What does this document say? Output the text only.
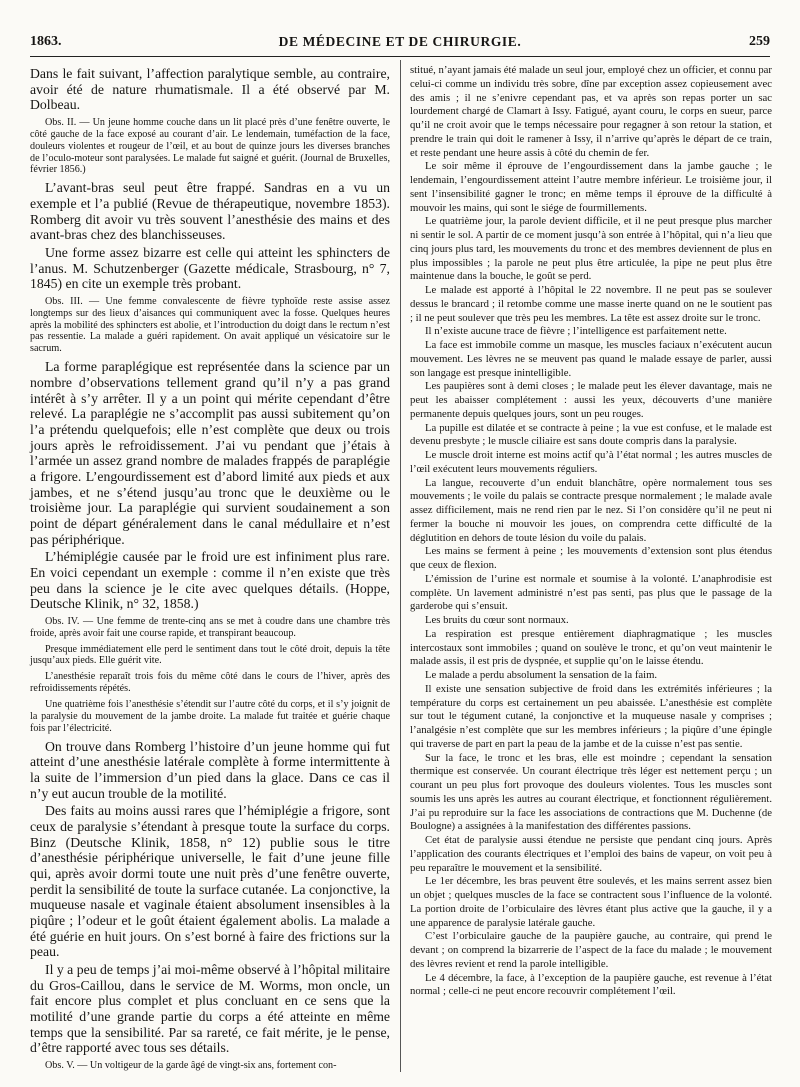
1863.	DE MÉDECINE ET DE CHIRURGIE.	259

Dans le fait suivant, l’affection paralytique semble, au contraire, avoir été de nature rhumatismale. Il a été observé par M. Dolbeau.

Obs. II. — Un jeune homme couche dans un lit placé près d’une fenêtre ouverte, le côté gauche de la face exposé au courant d’air. Le lendemain, tuméfaction de la face, douleurs violentes et rougeur de l’œil, et au bout de quinze jours les diverses branches de l’oculo-moteur sont paralysées. Le malade fut saigné et guérit. (Journal de Bruxelles, février 1856.)

L’avant-bras seul peut être frappé. Sandras en a vu un exemple et l’a publié (Revue de thérapeutique, novembre 1853). Romberg dit avoir vu très souvent l’anesthésie des mains et des avant-bras chez des blanchisseuses.

Une forme assez bizarre est celle qui atteint les sphincters de l’anus. M. Schutzenberger (Gazette médicale, Strasbourg, n° 7, 1845) en cite un exemple très probant.

Obs. III. — Une femme convalescente de fièvre typhoïde reste assise assez longtemps sur des lieux d’aisances qui communiquent avec la fosse. Quelques heures après la mobilité des sphincters est abolie, et l’introduction du doigt dans le rectum n’est pas ressentie. La malade a guéri rapidement. On avait appliqué un vésicatoire sur le sacrum.

La forme paraplégique est représentée dans la science par un nombre d’observations tellement grand qu’il n’y a pas grand intérêt à s’y arrêter. Il y a un point qui mérite cependant d’être relevé. La paraplégie ne s’accomplit pas aussi subitement qu’on l’a prétendu quelquefois; elle n’est complète que deux ou trois jours après le refroidissement. J’ai vu pendant que j’étais à l’armée un assez grand nombre de malades frappés de paraplégie a frigore. L’engourdissement est d’abord limité aux pieds et aux jambes, et ne s’étend jusqu’au tronc que le deuxième ou le troisième jour. La paraplégie qui survient soudainement a son point de départ généralement dans le canal médullaire et n’est pas périphérique.

L’hémiplégie causée par le froid ure est infiniment plus rare. En voici cependant un exemple : comme il n’en existe que très peu dans la science je le cite avec quelques détails. (Hoppe, Deutsche Klinik, n° 32, 1858.)

Obs. IV. — Une femme de trente-cinq ans se met à coudre dans une chambre très froide, après avoir fait une course rapide, et transpirant beaucoup.

Presque immédiatement elle perd le sentiment dans tout le côté droit, depuis la tête jusqu’aux pieds. Elle guérit vite.

L’anesthésie reparaît trois fois du même côté dans le cours de l’hiver, après des refroidissements répétés.

Une quatrième fois l’anesthésie s’étendit sur l’autre côté du corps, et il s’y joignit de la paralysie du mouvement de la jambe droite. La malade fut traitée et guérie chaque fois par l’électricité.

On trouve dans Romberg l’histoire d’un jeune homme qui fut atteint d’une anesthésie latérale complète à forme intermittente à la suite de l’immersion d’un pied dans la glace. Dans ce cas il n’y eut aucun trouble de la motilité.

Des faits au moins aussi rares que l’hémiplégie a frigore, sont ceux de paralysie s’étendant à presque toute la surface du corps. Binz (Deutsche Klinik, 1858, n° 12) publie sous le titre d’anesthésie périphérique universelle, le fait d’une jeune fille qui, après avoir dormi toute une nuit près d’une fenêtre ouverte, perdit la sensibilité de toute la surface cutanée. La conjonctive, la muqueuse nasale et vaginale étaient absolument insensibles à la piqûre ; l’odeur et le goût étaient également abolis. La malade a été guérie en huit jours. On s’est borné à faire des frictions sur la peau.

Il y a peu de temps j’ai moi-même observé à l’hôpital militaire du Gros-Caillou, dans le service de M. Worms, mon oncle, un fait encore plus complet et plus concluant en ce sens que la motilité d’une grande partie du corps a été atteinte en même temps que la sensibilité. Par sa rareté, ce fait mérite, je le pense, d’être rapporté avec tous ses détails.

Obs. V. — Un voltigeur de la garde âgé de vingt-six ans, fortement con-

stitué, n’ayant jamais été malade un seul jour, employé chez un officier, et connu par celui-ci comme un individu très sobre, dîne par exception assez copieusement avec des amis ; il ne s’enivre cependant pas, et va après son repas porter un sac lourdement chargé de Clamart à Issy. Fatigué, ayant couru, le corps en sueur, parce qu’il ne croit avoir que le temps nécessaire pour regagner à son retour la station, et prendre le train qui doit le ramener à Issy, il n’arrive qu’après le départ de ce train, et reste pendant une heure assis à côté du chemin de fer.

Le soir même il éprouve de l’engourdissement dans la jambe gauche ; le lendemain, l’engourdissement atteint l’autre membre inférieur. Le troisième jour, il sent l’insensibilité gagner le tronc; en même temps il éprouve de la difficulté à mouvoir les mains, qui sont le siége de fourmillements.

Le quatrième jour, la parole devient difficile, et il ne peut presque plus marcher ni sentir le sol. A partir de ce moment jusqu’à son entrée à l’hôpital, qui n’a lieu que cinq jours plus tard, les mouvements du tronc et des membres deviennent de plus en plus impossibles ; la parole ne peut plus être articulée, la pipe ne peut plus être maintenue dans la bouche, le goût se perd.

Le malade est apporté à l’hôpital le 22 novembre. Il ne peut pas se soulever dessus le brancard ; il retombe comme une masse inerte quand on ne le soutient pas ; il ne peut soulever que très peu les membres. La tête est assez droite sur le tronc.

Il n’existe aucune trace de fièvre ; l’intelligence est parfaitement nette.

La face est immobile comme un masque, les muscles faciaux n’exécutent aucun mouvement. Les lèvres ne se meuvent pas quand le malade essaye de parler, aussi son langage est presque inintelligible.

Les paupières sont à demi closes ; le malade peut les élever davantage, mais ne peut les abaisser complétement : aussi les yeux, découverts d’une manière permanente depuis quelques jours, sont un peu rouges.

La pupille est dilatée et se contracte à peine ; la vue est confuse, et le malade est devenu presbyte ; le muscle ciliaire est sans doute compris dans la paralysie.

Le muscle droit interne est moins actif qu’à l’état normal ; les autres muscles de l’œil exécutent leurs mouvements réguliers.

La langue, recouverte d’un enduit blanchâtre, opère normalement tous ses mouvements ; le voile du palais se contracte presque normalement ; le malade avale assez difficilement, mais ne rend rien par le nez. Si l’on considère qu’il ne peut ni fermer la bouche ni mouvoir les joues, on comprendra cette difficulté de la déglutition en dehors de toute lésion du voile du palais.

Les mains se ferment à peine ; les mouvements d’extension sont plus étendus que ceux de flexion.

L’émission de l’urine est normale et soumise à la volonté. L’anaphrodisie est complète. Un lavement administré n’est pas senti, pas plus que le passage de la garderobe qui s’ensuit.

Les bruits du cœur sont normaux.

La respiration est presque entièrement diaphragmatique ; les muscles intercostaux sont immobiles ; quand on soulève le tronc, et qu’on veut maintenir le malade assis, il est pris de dyspnée, et supplie qu’on le laisse étendu.

Le malade a perdu absolument la sensation de la faim.

Il existe une sensation subjective de froid dans les extrémités inférieures ; la température du corps est certainement un peu abaissée. L’anesthésie est complète sur tout le tégument cutané, la conjonctive et la muqueuse nasale y comprises ; l’analgésie n’est complète que sur les membres inférieurs ; la piqûre d’une épingle qui traverse de part en part la peau de la jambe et de la cuisse n’est pas sentie.

Sur la face, le tronc et les bras, elle est moindre ; cependant la sensation thermique est conservée. Un courant électrique très léger est nettement perçu ; un courant un peu plus fort provoque des douleurs violentes. Tous les muscles sont soumis les uns après les autres au courant électrique, et fonctionnent régulièrement. J’ai pu reproduire sur la face les associations de contractions que M. Duchenne (de Boulogne) a assignées à la manifestation des différentes passions.

Cet état de paralysie aussi étendue ne persiste que pendant cinq jours. Après l’application des courants électriques et l’emploi des bains de vapeur, on voit peu à peu reparaître le mouvement et la sensibilité.

Le 1er décembre, les bras peuvent être soulevés, et les mains serrent assez bien un objet ; quelques muscles de la face se contractent sous l’influence de la volonté. La portion droite de l’orbiculaire des lèvres étant plus active que la gauche, il y a une apparence de paralysie latérale gauche.

C’est l’orbiculaire gauche de la paupière gauche, au contraire, qui prend le devant ; on comprend la bizarrerie de l’aspect de la face du malade ; le mouvement des lèvres revient et rend la parole intelligible.

Le 4 décembre, la face, à l’exception de la paupière gauche, est revenue à l’état normal ; celle-ci ne peut encore recouvrir complétement l’œil.
